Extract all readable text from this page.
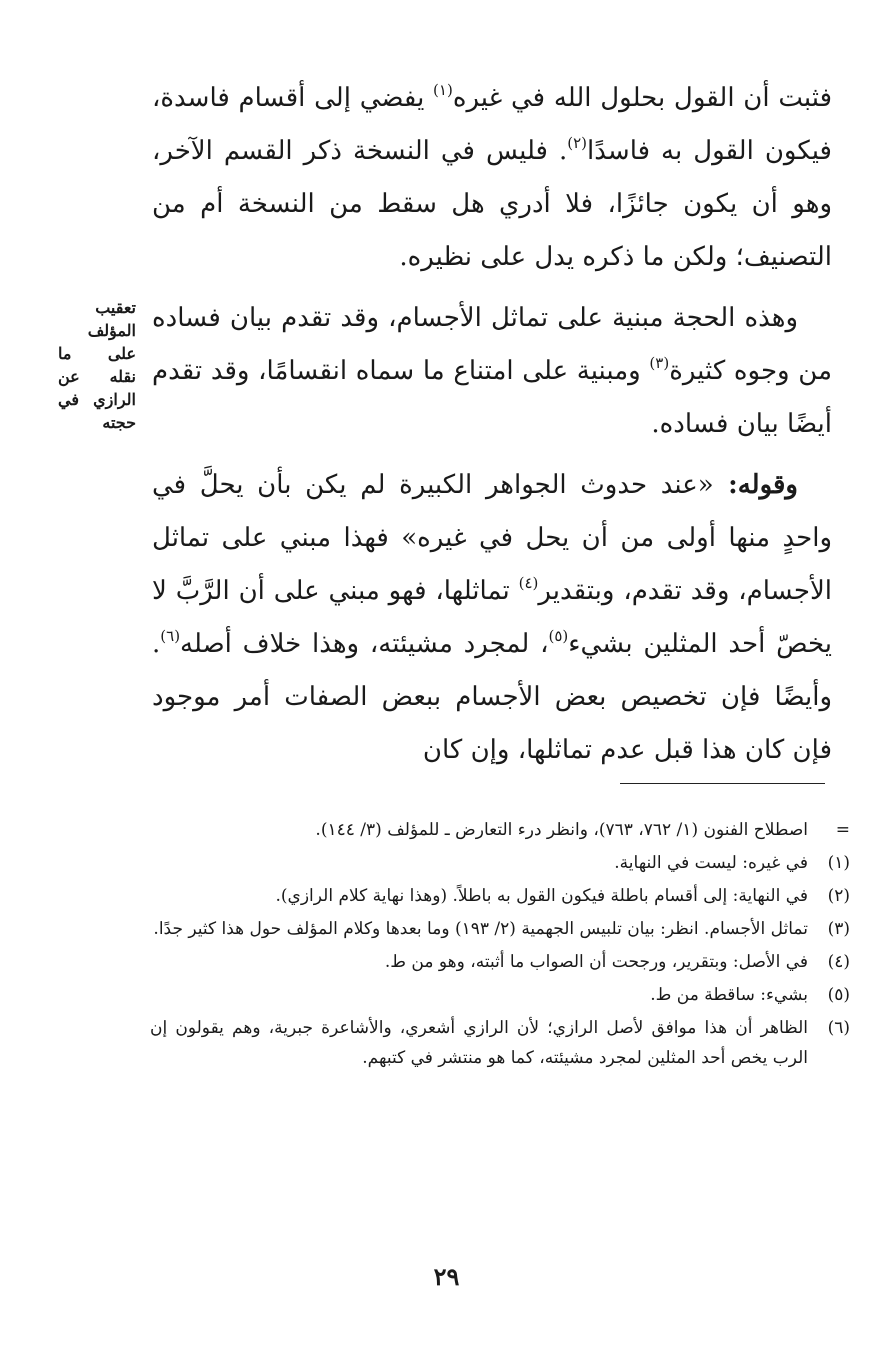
فثبت أن القول بحلول الله في غيره$^{(١)}$ يفضي إلى أقسام فاسدة، فيكون القول به فاسدًا$^{(٢)}$. فليس في النسخة ذكر القسم الآخر، وهو أن يكون جائزًا، فلا أدري هل سقط من النسخة أم من التصنيف؛ ولكن ما ذكره يدل على نظيره.

وهذه الحجة مبنية على تماثل الأجسام، وقد تقدم بيان فساده من وجوه كثيرة$^{(٣)}$ ومبنية على امتناع ما سماه انقسامًا، وقد تقدم أيضًا بيان فساده.

وقوله: «عند حدوث الجواهر الكبيرة لم يكن بأن يحلَّ في واحدٍ منها أولى من أن يحل في غيره» فهذا مبني على تماثل الأجسام، وقد تقدم، وبتقدير$^{(٤)}$ تماثلها، فهو مبني على أن الرَّبَّ لا يخصّ أحد المثلين بشيء$^{(٥)}$، لمجرد مشيئته، وهذا خلاف أصله$^{(٦)}$. وأيضًا فإن تخصيص بعض الأجسام ببعض الصفات أمر موجود فإن كان هذا قبل عدم تماثلها، وإن كان

تعقيب المؤلف على ما نقله عن الرازي في حجته
=
اصطلاح الفنون (١/ ٧٦٢، ٧٦٣)، وانظر درء التعارض ـ للمؤلف (٣/ ١٤٤).
(١)
في غيره: ليست في النهاية.
(٢)
في النهاية: إلى أقسام باطلة فيكون القول به باطلاً. (وهذا نهاية كلام الرازي).
(٣)
تماثل الأجسام. انظر: بيان تلبيس الجهمية (٢/ ١٩٣) وما بعدها وكلام المؤلف حول هذا كثير جدًا.
(٤)
في الأصل: وبتقرير، ورجحت أن الصواب ما أثبته، وهو من ط.
(٥)
بشيء: ساقطة من ط.
(٦)
الظاهر أن هذا موافق لأصل الرازي؛ لأن الرازي أشعري، والأشاعرة جبرية، وهم يقولون إن الرب يخص أحد المثلين لمجرد مشيئته، كما هو منتشر في كتبهم.
٢٩
